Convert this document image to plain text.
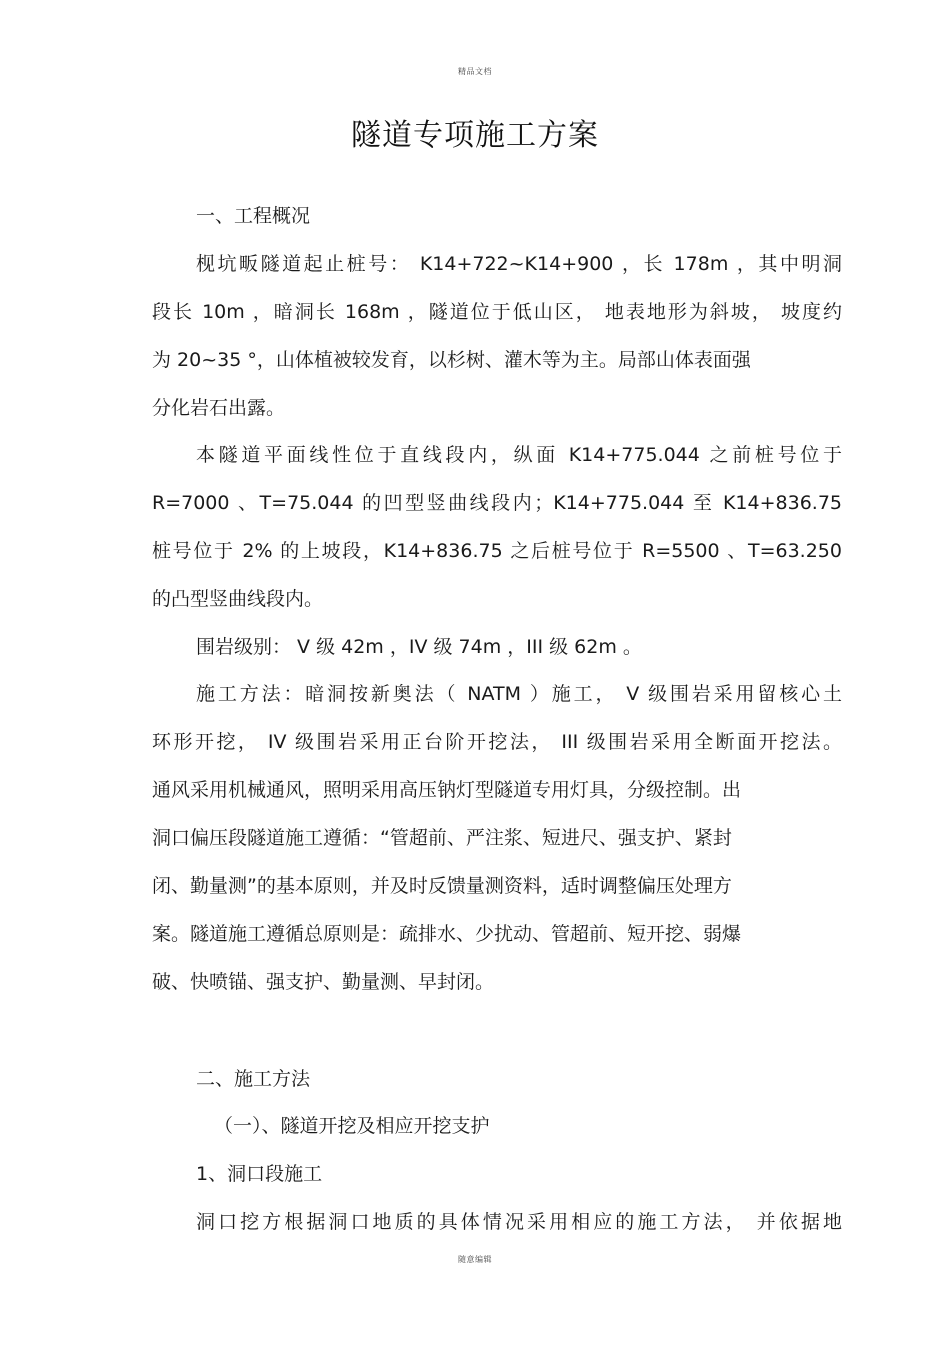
精品文档
隧道专项施工方案
一、工程概况
枧坑畈隧道起止桩号： K14+722~K14+900 ，长 178m ，其中明洞
段长 10m ，暗洞长 168m ，隧道位于低山区， 地表地形为斜坡， 坡度约
为 20~35 °，山体植被较发育，以杉树、灌木等为主。局部山体表面强
分化岩石出露。
本隧道平面线性位于直线段内，纵面 K14+775.044 之前桩号位于
R=7000 、T=75.044 的凹型竖曲线段内；K14+775.044 至 K14+836.75
桩号位于 2% 的上坡段，K14+836.75 之后桩号位于 R=5500 、T=63.250
的凸型竖曲线段内。
围岩级别： V 级 42m ，IV 级 74m ，III 级 62m 。
施工方法：暗洞按新奥法（ NATM ）施工， V 级围岩采用留核心土
环形开挖， IV 级围岩采用正台阶开挖法， III 级围岩采用全断面开挖法。
通风采用机械通风，照明采用高压钠灯型隧道专用灯具，分级控制。出
洞口偏压段隧道施工遵循：“管超前、严注浆、短进尺、强支护、紧封
闭、勤量测”的基本原则，并及时反馈量测资料，适时调整偏压处理方
案。隧道施工遵循总原则是：疏排水、少扰动、管超前、短开挖、弱爆
破、快喷锚、强支护、勤量测、早封闭。
二、施工方法
（一）、隧道开挖及相应开挖支护
1、洞口段施工
洞口挖方根据洞口地质的具体情况采用相应的施工方法， 并依据地
随意编辑
